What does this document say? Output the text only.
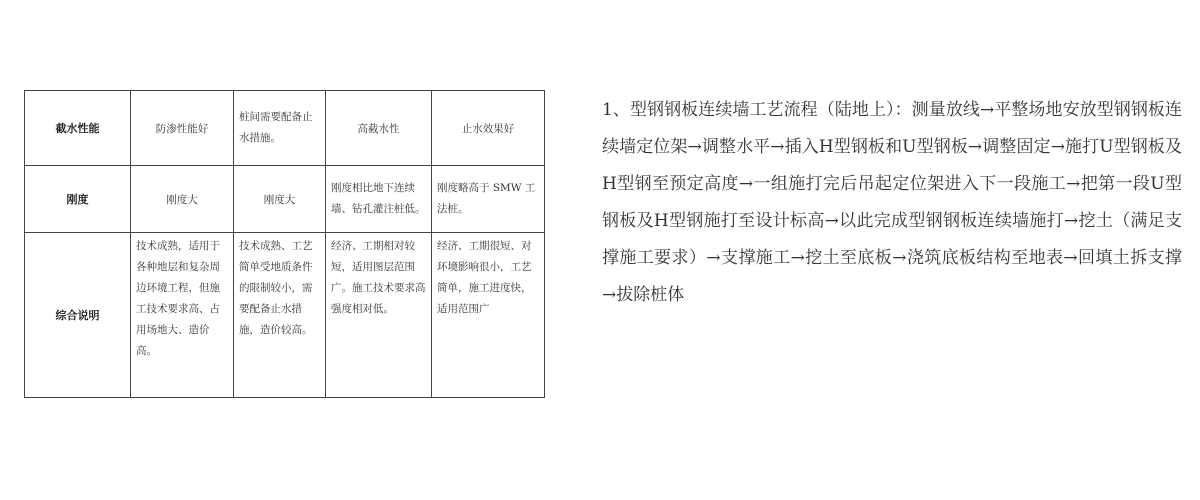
截水性能	防渗性能好	桩间需要配备止水措施。	高截水性	止水效果好
刚度	刚度大	刚度大	刚度相比地下连续墙、钻孔灌注桩低。	刚度略高于 SMW 工法桩。
综合说明	技术成熟，适用于各种地层和复杂周边环境工程，但施工技术要求高、占用场地大、造价高。	技术成熟、工艺简单受地质条件的限制较小，需要配备止水措施，造价较高。	经济、工期相对较短，适用图层范围广。施工技术要求高强度相对低。	经济、工期很短、对环境影响很小，工艺简单，施工进度快，适用范围广

1、型钢钢板连续墙工艺流程（陆地上）：测量放线→平整场地安放型钢钢板连续墙定位架→调整水平→插入H型钢板和U型钢板→调整固定→施打U型钢板及H型钢至预定高度→一组施打完后吊起定位架进入下一段施工→把第一段U型钢板及H型钢施打至设计标高→以此完成型钢钢板连续墙施打→挖土（满足支撑施工要求）→支撑施工→挖土至底板→浇筑底板结构至地表→回填土拆支撑→拔除桩体
